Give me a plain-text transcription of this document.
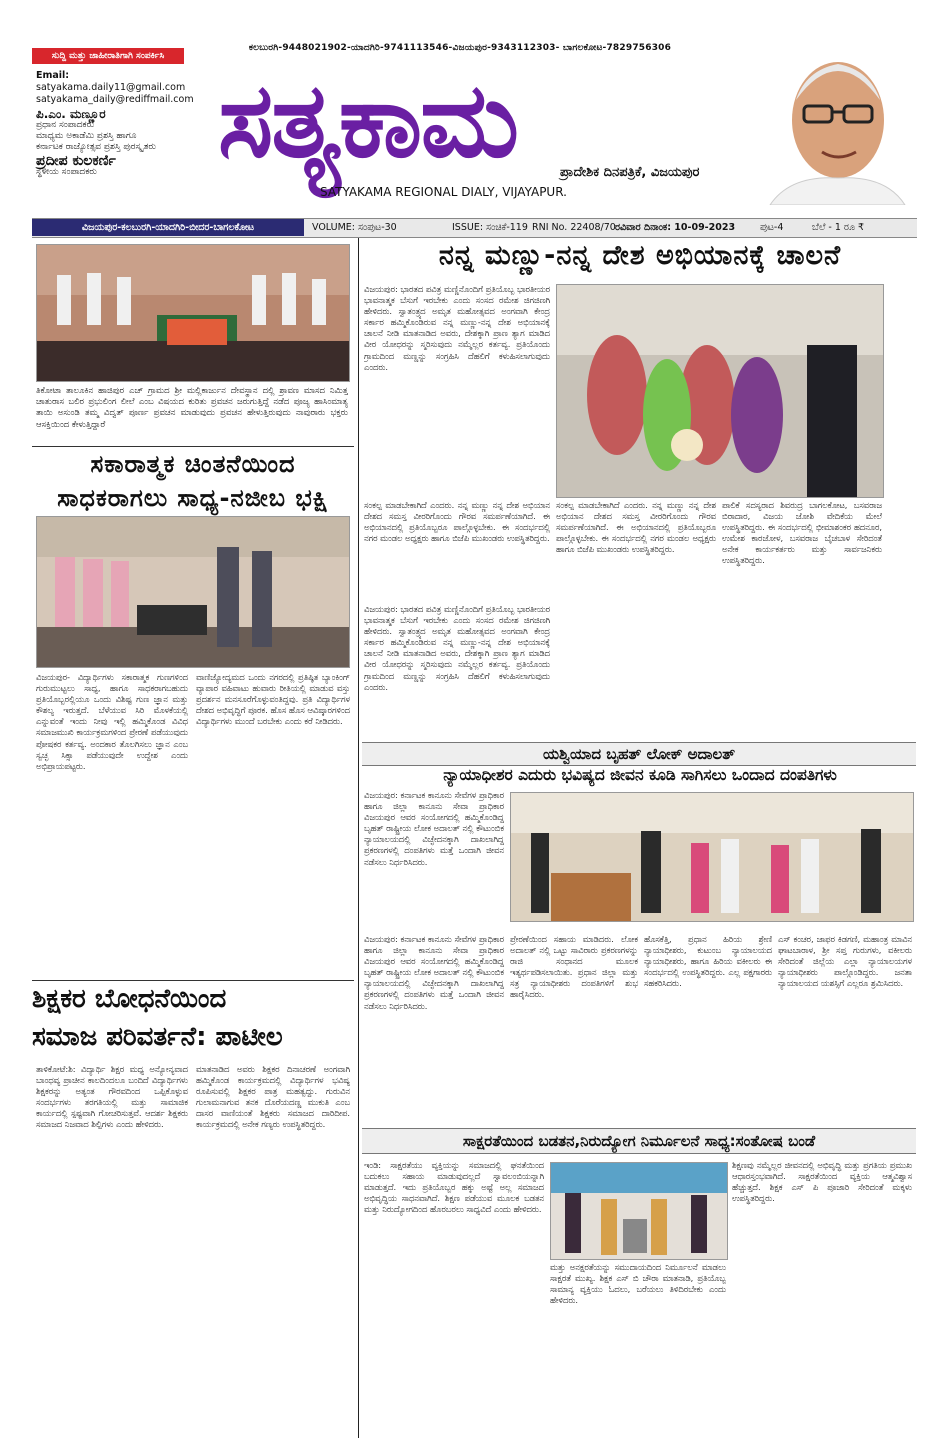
ಸುದ್ದಿ ಮತ್ತು ಜಾಹೀರಾತಿಗಾಗಿ ಸಂಪರ್ಕಿಸಿ
Email:
satyakama.daily11@gmail.com
satyakama_daily@rediffmail.com
ಪಿ.ಎಂ. ಮಣ್ಣೂರ
ಪ್ರಧಾನ ಸಂಪಾದಕರು
ಮಾಧ್ಯಮ ಅಕಾಡೆಮಿ ಪ್ರಶಸ್ತಿ ಹಾಗೂ
ಕರ್ನಾಟಕ ರಾಜ್ಯೋತ್ಸವ ಪ್ರಶಸ್ತಿ ಪುರಸ್ಕೃತರು
ಪ್ರದೀಪ ಕುಲಕರ್ಣಿ
ಸ್ಥಳೀಯ ಸಂಪಾದಕರು
ಕಲಬುರಗಿ-9448021902-ಯಾದಗಿರಿ-9741113546-ವಿಜಯಪುರ-9343112303- ಬಾಗಲಕೋಟ-7829756306
ಸತ್ಯಕಾಮ	ಪ್ರಾದೇಶಿಕ ದಿನಪತ್ರಿಕೆ, ವಿಜಯಪುರ
SATYAKAMA REGIONAL DIALY, VIJAYAPUR.
ವಿಜಯಪುರ-ಕಲಬುರಗಿ-ಯಾದಗಿರಿ-ಬೀದರ-ಬಾಗಲಕೋಟ	VOLUME: ಸಂಪುಟ-30	ISSUE: ಸಂಚಿಕೆ-119 RNI No. 22408/70 ರವಿವಾರ ದಿನಾಂಕ: 10-09-2023	ಪುಟ-4	ಬೆಲೆ - 1 ರೂ ₹
ತಿಕೋಟಾ ತಾಲೂಕಿನ ಹಾಜಿಪುರ ಎಚ್ ಗ್ರಾಮದ ಶ್ರೀ ಮಲ್ಲಿಕಾರ್ಜುನ ದೇವಸ್ಥಾನ ದಲ್ಲಿ ಶ್ರಾವಣ ಮಾಸದ ನಿಮಿತ್ತ ಚಾತುರಾಸ ಬಲಿರ ಪ್ರಭುಲಿಂಗ ಲೀಲೆ ಎಂಬ ವಿಷಯದ ಕುರಿತು ಪ್ರವಚನ ಜರುಗುತ್ತಿದ್ದೆ ನಡೆದ ಪೂಜ್ಯ ಹಾಸಿಂಮಾತ್ಯ ತಾಯಿ ಅಸುಂಡಿ ತಮ್ಮ ವಿದ್ವತ್ ಪೂರ್ಣ ಪ್ರವಚನ ಮಾಡುವುದು ಪ್ರವಚನ ಹೇಳುತ್ತಿರುವುದು ನಾವುರಾರು ಭಕ್ತರು ಆಸಕ್ತಿಯಿಂದ ಕೇಳುತ್ತಿದ್ದಾರೆ
ಸಕಾರಾತ್ಮಕ ಚಿಂತನೆಯಿಂದ
ಸಾಧಕರಾಗಲು ಸಾಧ್ಯ-ನಜೀಬ ಭಕ್ಷಿ
ವಿಜಯಪುರ- ವಿದ್ಯಾರ್ಥಿಗಳು ಸಕಾರಾತ್ಮಕ ಗುಣಗಳಿಂದ ಗುರುಮುಟ್ಟಲು ಸಾಧ್ಯ, ಹಾಗೂ ಸಾಧಕರಾಗಬಹುದು ಪ್ರತಿಯೊಬ್ಬರಲ್ಲಿಯೂ ಒಂದು ವಿಶಿಷ್ಟ ಗುಣ ಜ್ಞಾನ ಮತ್ತು ಕೌಶಲ್ಯ ಇರುತ್ತದೆ. ಬೆಳೆಯುವ ಸಿರಿ ಮೊಳಕೆಯಲ್ಲಿ ಎನ್ನುವಂತೆ ಇಂದು ನೀವು ಇಲ್ಲಿ ಹಮ್ಮಿಕೊಂಡ ವಿವಿಧ ಸಮಾಜಮುಖಿ ಕಾರ್ಯಕ್ರಮಗಳಿಂದ ಪ್ರೇರಣೆ ಪಡೆಯುವುದು ಪೋಷಕರ ಕರ್ತವ್ಯ. ಅಂದಕಾರ ತೊಲಗಿಸಲು ಜ್ಞಾನ ಎಂಬ ಸ್ವಚ್ಛ ಸಿಕ್ಸಾ ಪಡೆಯುವುದೇ ಉದ್ದೇಶ ಎಂದು ಅಭಿಪ್ರಾಯಪಟ್ಟರು.
ವಾಣಿಜ್ಯೋದ್ಯಮದ ಒಂದು ನಗರದಲ್ಲಿ ಪ್ರತಿಷ್ಠಿತ ಬ್ಯಾಂಕಿಂಗ್ ವ್ಯಾಪಾರ ವಹಿವಾಟು ಹುವಾರು ರೀತಿಯಲ್ಲಿ ಮಾಡುವ ವಸ್ತು ಪ್ರದರ್ಶನ ಮನಸೂರೆಗೊಳ್ಳುವಂತಿದ್ದವು. ಪ್ರತಿ ವಿದ್ಯಾರ್ಥಿಗಳ ದೇಶದ ಅಭಿವೃದ್ಧಿಗೆ ಪೂರಕ. ಹೊಸ ಹೊಸ ಆವಿಷ್ಕಾರಗಳಿಂದ ವಿದ್ಯಾರ್ಥಿಗಳು ಮುಂದೆ ಬರಬೇಕು ಎಂದು ಕರೆ ನೀಡಿದರು.
ಶಿಕ್ಷಕರ ಬೋಧನೆಯಿಂದ
ಸಮಾಜ ಪರಿವರ್ತನೆ: ಪಾಟೀಲ
ತಾಳಿಕೋಟೆ:ಶಿ: ವಿದ್ಯಾರ್ಥಿ ಶಿಕ್ಷರ ಮಧ್ಯ ಅನ್ಯೋನ್ಯವಾದ ಬಾಂಧವ್ಯ ಪ್ರಾಚೀನ ಕಾಲದಿಂದಲೂ ಬಂದಿದೆ ವಿದ್ಯಾರ್ಥಿಗಳು ಶಿಕ್ಷಕರನ್ನು ಅತ್ಯಂತ ಗೌರವದಿಂದ ಒಪ್ಪಿಕೊಳ್ಳುವ ಸಂದರ್ಭಗಳು ತರಗತಿಯಲ್ಲಿ ಮತ್ತು ಸಾಮಾಜಿಕ ಕಾರ್ಯದಲ್ಲಿ ಸ್ಪಷ್ಟವಾಗಿ ಗೋಚರಿಸುತ್ತವೆ. ಆದರ್ಶ ಶಿಕ್ಷಕರು ಸಮಾಜದ ನಿಜವಾದ ಶಿಲ್ಪಿಗಳು ಎಂದು ಹೇಳಿದರು.
ಮಾತನಾಡಿದ ಅವರು ಶಿಕ್ಷಕರ ದಿನಾಚರಣೆ ಅಂಗವಾಗಿ ಹಮ್ಮಿಕೊಂಡ ಕಾರ್ಯಕ್ರಮದಲ್ಲಿ ವಿದ್ಯಾರ್ಥಿಗಳ ಭವಿಷ್ಯ ರೂಪಿಸುವಲ್ಲಿ ಶಿಕ್ಷಕರ ಪಾತ್ರ ಮಹತ್ವದ್ದು. ಗುರುವಿನ ಗುಲಾಮನಾಗುವ ತನಕ ದೊರೆಯದಣ್ಣ ಮುಕುತಿ ಎಂಬ ದಾಸರ ವಾಣಿಯಂತೆ ಶಿಕ್ಷಕರು ಸಮಾಜದ ದಾರಿದೀಪ. ಕಾರ್ಯಕ್ರಮದಲ್ಲಿ ಅನೇಕ ಗಣ್ಯರು ಉಪಸ್ಥಿತರಿದ್ದರು.
ನನ್ನ ಮಣ್ಣು-ನನ್ನ ದೇಶ ಅಭಿಯಾನಕ್ಕೆ ಚಾಲನೆ
ವಿಜಯಪುರ: ಭಾರತದ ಪವಿತ್ರ ಮಣ್ಣಿನೊಂದಿಗೆ ಪ್ರತಿಯೊಬ್ಬ ಭಾರತೀಯರ ಭಾವನಾತ್ಮಕ ಬೆಸುಗೆ ಇರಬೇಕು ಎಂದು ಸಂಸದ ರಮೇಶ ಜಿಗಜಿಣಗಿ ಹೇಳಿದರು. ಸ್ವಾತಂತ್ರ್ಯದ ಅಮೃತ ಮಹೋತ್ಸವದ ಅಂಗವಾಗಿ ಕೇಂದ್ರ ಸರ್ಕಾರ ಹಮ್ಮಿಕೊಂಡಿರುವ ನನ್ನ ಮಣ್ಣು-ನನ್ನ ದೇಶ ಅಭಿಯಾನಕ್ಕೆ ಚಾಲನೆ ನೀಡಿ ಮಾತನಾಡಿದ ಅವರು, ದೇಶಕ್ಕಾಗಿ ಪ್ರಾಣ ತ್ಯಾಗ ಮಾಡಿದ ವೀರ ಯೋಧರನ್ನು ಸ್ಮರಿಸುವುದು ನಮ್ಮೆಲ್ಲರ ಕರ್ತವ್ಯ. ಪ್ರತಿಯೊಂದು ಗ್ರಾಮದಿಂದ ಮಣ್ಣನ್ನು ಸಂಗ್ರಹಿಸಿ ದೆಹಲಿಗೆ ಕಳುಹಿಸಲಾಗುವುದು ಎಂದರು.
ಸಂಕಲ್ಪ ಮಾಡಬೇಕಾಗಿದೆ ಎಂದರು. ನನ್ನ ಮಣ್ಣು ನನ್ನ ದೇಶ ಅಭಿಯಾನ ದೇಶದ ಸಮಸ್ತ ವೀರರಿಗೊಂದು ಗೌರವ ಸಮರ್ಪಣೆಯಾಗಿದೆ. ಈ ಅಭಿಯಾನದಲ್ಲಿ ಪ್ರತಿಯೊಬ್ಬರೂ ಪಾಲ್ಗೊಳ್ಳಬೇಕು. ಈ ಸಂದರ್ಭದಲ್ಲಿ ನಗರ ಮಂಡಲ ಅಧ್ಯಕ್ಷರು ಹಾಗೂ ಬಿಜೆಪಿ ಮುಖಂಡರು ಉಪಸ್ಥಿತರಿದ್ದರು.
ಸಂಕಲ್ಪ ಮಾಡಬೇಕಾಗಿದೆ ಎಂದರು. ನನ್ನ ಮಣ್ಣು ನನ್ನ ದೇಶ ಅಭಿಯಾನ ದೇಶದ ಸಮಸ್ತ ವೀರರಿಗೊಂದು ಗೌರವ ಸಮರ್ಪಣೆಯಾಗಿದೆ. ಈ ಅಭಿಯಾನದಲ್ಲಿ ಪ್ರತಿಯೊಬ್ಬರೂ ಪಾಲ್ಗೊಳ್ಳಬೇಕು. ಈ ಸಂದರ್ಭದಲ್ಲಿ ನಗರ ಮಂಡಲ ಅಧ್ಯಕ್ಷರು ಹಾಗೂ ಬಿಜೆಪಿ ಮುಖಂಡರು ಉಪಸ್ಥಿತರಿದ್ದರು.
ಪಾಲಿಕೆ ಸದಸ್ಯರಾದ ಶಿವರುದ್ರ ಬಾಗಲಕೋಟ, ಬಸವರಾಜ ಬಿರಾದಾರ, ವಿಜಯ ಜೋಶಿ ವೇದಿಕೆಯ ಮೇಲೆ ಉಪಸ್ಥಿತರಿದ್ದರು. ಈ ಸಂದರ್ಭದಲ್ಲಿ ಭೀಮಾಶಂಕರ ಹದನೂರ, ಉಮೇಶ ಕಾರಜೋಳ, ಬಸವರಾಜ ಬೈಚಬಾಳ ಸೇರಿದಂತೆ ಅನೇಕ ಕಾರ್ಯಕರ್ತರು ಮತ್ತು ಸಾರ್ವಜನಿಕರು ಉಪಸ್ಥಿತರಿದ್ದರು.
ವಿಜಯಪುರ: ಭಾರತದ ಪವಿತ್ರ ಮಣ್ಣಿನೊಂದಿಗೆ ಪ್ರತಿಯೊಬ್ಬ ಭಾರತೀಯರ ಭಾವನಾತ್ಮಕ ಬೆಸುಗೆ ಇರಬೇಕು ಎಂದು ಸಂಸದ ರಮೇಶ ಜಿಗಜಿಣಗಿ ಹೇಳಿದರು. ಸ್ವಾತಂತ್ರ್ಯದ ಅಮೃತ ಮಹೋತ್ಸವದ ಅಂಗವಾಗಿ ಕೇಂದ್ರ ಸರ್ಕಾರ ಹಮ್ಮಿಕೊಂಡಿರುವ ನನ್ನ ಮಣ್ಣು-ನನ್ನ ದೇಶ ಅಭಿಯಾನಕ್ಕೆ ಚಾಲನೆ ನೀಡಿ ಮಾತನಾಡಿದ ಅವರು, ದೇಶಕ್ಕಾಗಿ ಪ್ರಾಣ ತ್ಯಾಗ ಮಾಡಿದ ವೀರ ಯೋಧರನ್ನು ಸ್ಮರಿಸುವುದು ನಮ್ಮೆಲ್ಲರ ಕರ್ತವ್ಯ. ಪ್ರತಿಯೊಂದು ಗ್ರಾಮದಿಂದ ಮಣ್ಣನ್ನು ಸಂಗ್ರಹಿಸಿ ದೆಹಲಿಗೆ ಕಳುಹಿಸಲಾಗುವುದು ಎಂದರು.
ಯಶ್ವಿಯಾದ ಬೃಹತ್ ಲೋಕ್ ಅದಾಲತ್
ನ್ಯಾಯಾಧೀಶರ ಎದುರು ಭವಿಷ್ಯದ ಜೀವನ ಕೂಡಿ ಸಾಗಿಸಲು ಒಂದಾದ ದಂಪತಿಗಳು
ವಿಜಯಪುರ: ಕರ್ನಾಟಕ ಕಾನೂನು ಸೇವೆಗಳ ಪ್ರಾಧಿಕಾರ ಹಾಗೂ ಜಿಲ್ಲಾ ಕಾನೂನು ಸೇವಾ ಪ್ರಾಧಿಕಾರ ವಿಜಯಪುರ ಆವರ ಸಂಯೋಗದಲ್ಲಿ ಹಮ್ಮಿಕೊಂಡಿದ್ದ ಬೃಹತ್ ರಾಷ್ಟ್ರೀಯ ಲೋಕ ಅದಾಲತ್ ನಲ್ಲಿ ಕೌಟುಂಬಿಕ ನ್ಯಾಯಾಲಯದಲ್ಲಿ ವಿಚ್ಛೇದನಕ್ಕಾಗಿ ದಾಖಲಾಗಿದ್ದ ಪ್ರಕರಣಗಳಲ್ಲಿ ದಂಪತಿಗಳು ಮತ್ತೆ ಒಂದಾಗಿ ಜೀವನ ನಡೆಸಲು ನಿರ್ಧರಿಸಿದರು.
ವಿಜಯಪುರ: ಕರ್ನಾಟಕ ಕಾನೂನು ಸೇವೆಗಳ ಪ್ರಾಧಿಕಾರ ಹಾಗೂ ಜಿಲ್ಲಾ ಕಾನೂನು ಸೇವಾ ಪ್ರಾಧಿಕಾರ ವಿಜಯಪುರ ಆವರ ಸಂಯೋಗದಲ್ಲಿ ಹಮ್ಮಿಕೊಂಡಿದ್ದ ಬೃಹತ್ ರಾಷ್ಟ್ರೀಯ ಲೋಕ ಅದಾಲತ್ ನಲ್ಲಿ ಕೌಟುಂಬಿಕ ನ್ಯಾಯಾಲಯದಲ್ಲಿ ವಿಚ್ಛೇದನಕ್ಕಾಗಿ ದಾಖಲಾಗಿದ್ದ ಪ್ರಕರಣಗಳಲ್ಲಿ ದಂಪತಿಗಳು ಮತ್ತೆ ಒಂದಾಗಿ ಜೀವನ ನಡೆಸಲು ನಿರ್ಧರಿಸಿದರು.
ಪ್ರೇರಣೆಯಿಂದ ಸಹಾಯ ಮಾಡಿದರು. ಲೋಕ ಅದಾಲತ್ ನಲ್ಲಿ ಒಟ್ಟು ಸಾವಿರಾರು ಪ್ರಕರಣಗಳನ್ನು ರಾಜಿ ಸಂಧಾನದ ಮೂಲಕ ಇತ್ಯರ್ಥಪಡಿಸಲಾಯಿತು. ಪ್ರಧಾನ ಜಿಲ್ಲಾ ಮತ್ತು ಸತ್ರ ನ್ಯಾಯಾಧೀಶರು ದಂಪತಿಗಳಿಗೆ ಶುಭ ಹಾರೈಸಿದರು.
ಹೊಸಕೆತ್ತಿ, ಪ್ರಧಾನ ಹಿರಿಯ ಶ್ರೇಣಿ ನ್ಯಾಯಾಧೀಶರು, ಕುಟುಂಬ ನ್ಯಾಯಾಲಯದ ನ್ಯಾಯಾಧೀಶರು, ಹಾಗೂ ಹಿರಿಯ ವಕೀಲರು ಈ ಸಂದರ್ಭದಲ್ಲಿ ಉಪಸ್ಥಿತರಿದ್ದರು. ಎಲ್ಲ ಪಕ್ಷಗಾರರು ಸಹಕರಿಸಿದರು.
ಎಸ್ ಕಂಚರ, ಜಾಫರ ಕಿಡಗಣಿ, ಮಹಾಂತ್ರ ಮಾವಿನ ಘಾಟಬಾರಾಳ, ಶ್ರೀ ಸಪ್ತ ಗುರುಗಳು, ವಕೀಲರು ಸೇರಿದಂತೆ ಜಿಲ್ಲೆಯ ಎಲ್ಲಾ ನ್ಯಾಯಾಲಯಗಳ ನ್ಯಾಯಾಧೀಶರು ಪಾಲ್ಗೊಂಡಿದ್ದರು. ಜನತಾ ನ್ಯಾಯಾಲಯದ ಯಶಸ್ಸಿಗೆ ಎಲ್ಲರೂ ಶ್ರಮಿಸಿದರು.
ಸಾಕ್ಷರತೆಯಿಂದ ಬಡತನ,ನಿರುದ್ಯೋಗ ನಿರ್ಮೂಲನೆ ಸಾಧ್ಯ:ಸಂತೋಷ ಬಂಡೆ
ಇಂಡಿ: ಸಾಕ್ಷರತೆಯು ವ್ಯಕ್ತಿಯನ್ನು ಸಮಾಜದಲ್ಲಿ ಘನತೆಯಿಂದ ಬದುಕಲು ಸಹಾಯ ಮಾಡುವುದಲ್ಲದೆ ಸ್ವಾವಲಂಬಿಯನ್ನಾಗಿ ಮಾಡುತ್ತದೆ. ಇದು ಪ್ರತಿಯೊಬ್ಬರ ಹಕ್ಕು ಅಷ್ಟೆ ಅಲ್ಲ ಸಮಾಜದ ಅಭಿವೃದ್ಧಿಯ ಸಾಧನವಾಗಿದೆ. ಶಿಕ್ಷಣ ಪಡೆಯುವ ಮೂಲಕ ಬಡತನ ಮತ್ತು ನಿರುದ್ಯೋಗದಿಂದ ಹೊರಬರಲು ಸಾಧ್ಯವಿದೆ ಎಂದು ಹೇಳಿದರು.
ಮತ್ತು ಅನಕ್ಷರತೆಯನ್ನು ಸಮುದಾಯದಿಂದ ನಿರ್ಮೂಲನೆ ಮಾಡಲು ಸಾಕ್ಷರತೆ ಮುಖ್ಯ. ಶಿಕ್ಷಕ ಎಸ್ ಬಿ ಚೌರಾ ಮಾತನಾಡಿ, ಪ್ರತಿಯೊಬ್ಬ ಸಾಮಾನ್ಯ ವ್ಯಕ್ತಿಯು ಓದಲು, ಬರೆಯಲು ತಿಳಿದಿರಬೇಕು ಎಂದು ಹೇಳಿದರು.
ಶಿಕ್ಷಣವು ನಮ್ಮೆಲ್ಲರ ಜೀವನದಲ್ಲಿ ಅಭಿವೃದ್ಧಿ ಮತ್ತು ಪ್ರಗತಿಯ ಪ್ರಮುಖ ಆಧಾರಸ್ತಂಭವಾಗಿದೆ. ಸಾಕ್ಷರತೆಯಿಂದ ವ್ಯಕ್ತಿಯ ಆತ್ಮವಿಶ್ವಾಸ ಹೆಚ್ಚುತ್ತದೆ. ಶಿಕ್ಷಕ ಎಸ್ ಪಿ ಪೂಜಾರಿ ಸೇರಿದಂತೆ ಮಕ್ಕಳು ಉಪಸ್ಥಿತರಿದ್ದರು.
